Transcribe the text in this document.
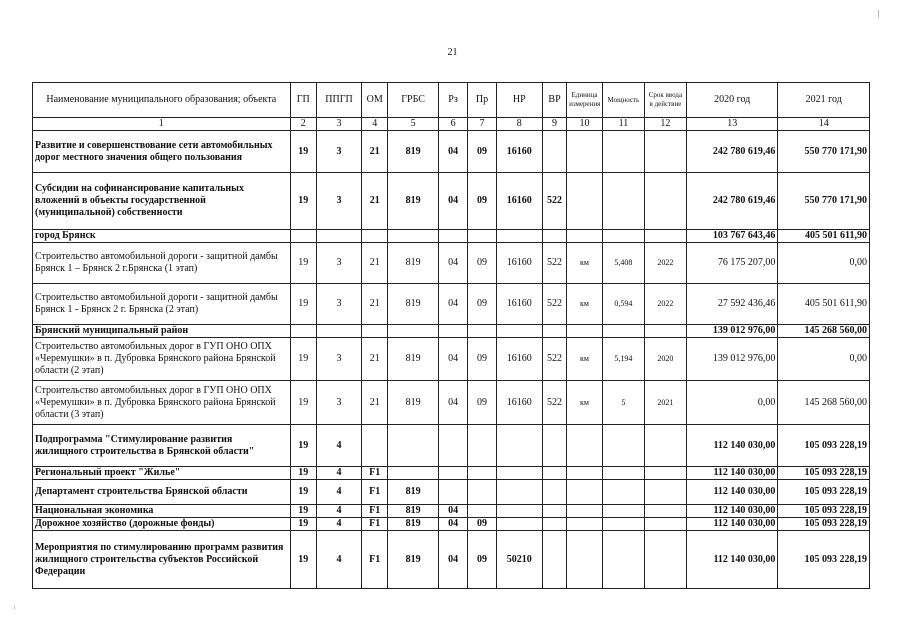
21
Наименование муниципального образования; объекта	ГП	ППГП	ОМ	ГРБС	Рз	Пр	НР	ВР	Единица измерения	Мощность	Срок ввода в действие	2020 год	2021 год
1	2	3	4	5	6	7	8	9	10	11	12	13	14
Развитие и совершенствование сети автомобильных дорог местного значения общего пользования	19	3	21	819	04	09	16160					242 780 619,46	550 770 171,90
Субсидии на софинансирование капитальных вложений в объекты государственной (муниципальной) собственности	19	3	21	819	04	09	16160	522				242 780 619,46	550 770 171,90
город Брянск												103 767 643,46	405 501 611,90
Строительство автомобильной дороги - защитной дамбы Брянск 1 – Брянск 2 г.Брянска (1 этап)	19	3	21	819	04	09	16160	522	км	5,408	2022	76 175 207,00	0,00
Строительство автомобильной дороги - защитной дамбы Брянск 1 - Брянск 2 г. Брянска (2 этап)	19	3	21	819	04	09	16160	522	км	0,594	2022	27 592 436,46	405 501 611,90
Брянский муниципальный район												139 012 976,00	145 268 560,00
Строительство автомобильных дорог в ГУП ОНО ОПХ «Черемушки» в п. Дубровка Брянского района Брянской области (2 этап)	19	3	21	819	04	09	16160	522	км	5,194	2020	139 012 976,00	0,00
Строительство автомобильных дорог в ГУП ОНО ОПХ «Черемушки» в п. Дубровка Брянского района Брянской области (3 этап)	19	3	21	819	04	09	16160	522	км	5	2021	0,00	145 268 560,00
Подпрограмма "Стимулирование развития жилищного строительства в Брянской области"	19	4										112 140 030,00	105 093 228,19
Региональный проект "Жилье"	19	4	F1									112 140 030,00	105 093 228,19
Департамент строительства Брянской области	19	4	F1	819								112 140 030,00	105 093 228,19
Национальная экономика	19	4	F1	819	04							112 140 030,00	105 093 228,19
Дорожное хозяйство (дорожные фонды)	19	4	F1	819	04	09						112 140 030,00	105 093 228,19
Мероприятия по стимулированию программ развития жилищного строительства субъектов Российской Федерации	19	4	F1	819	04	09	50210					112 140 030,00	105 093 228,19
